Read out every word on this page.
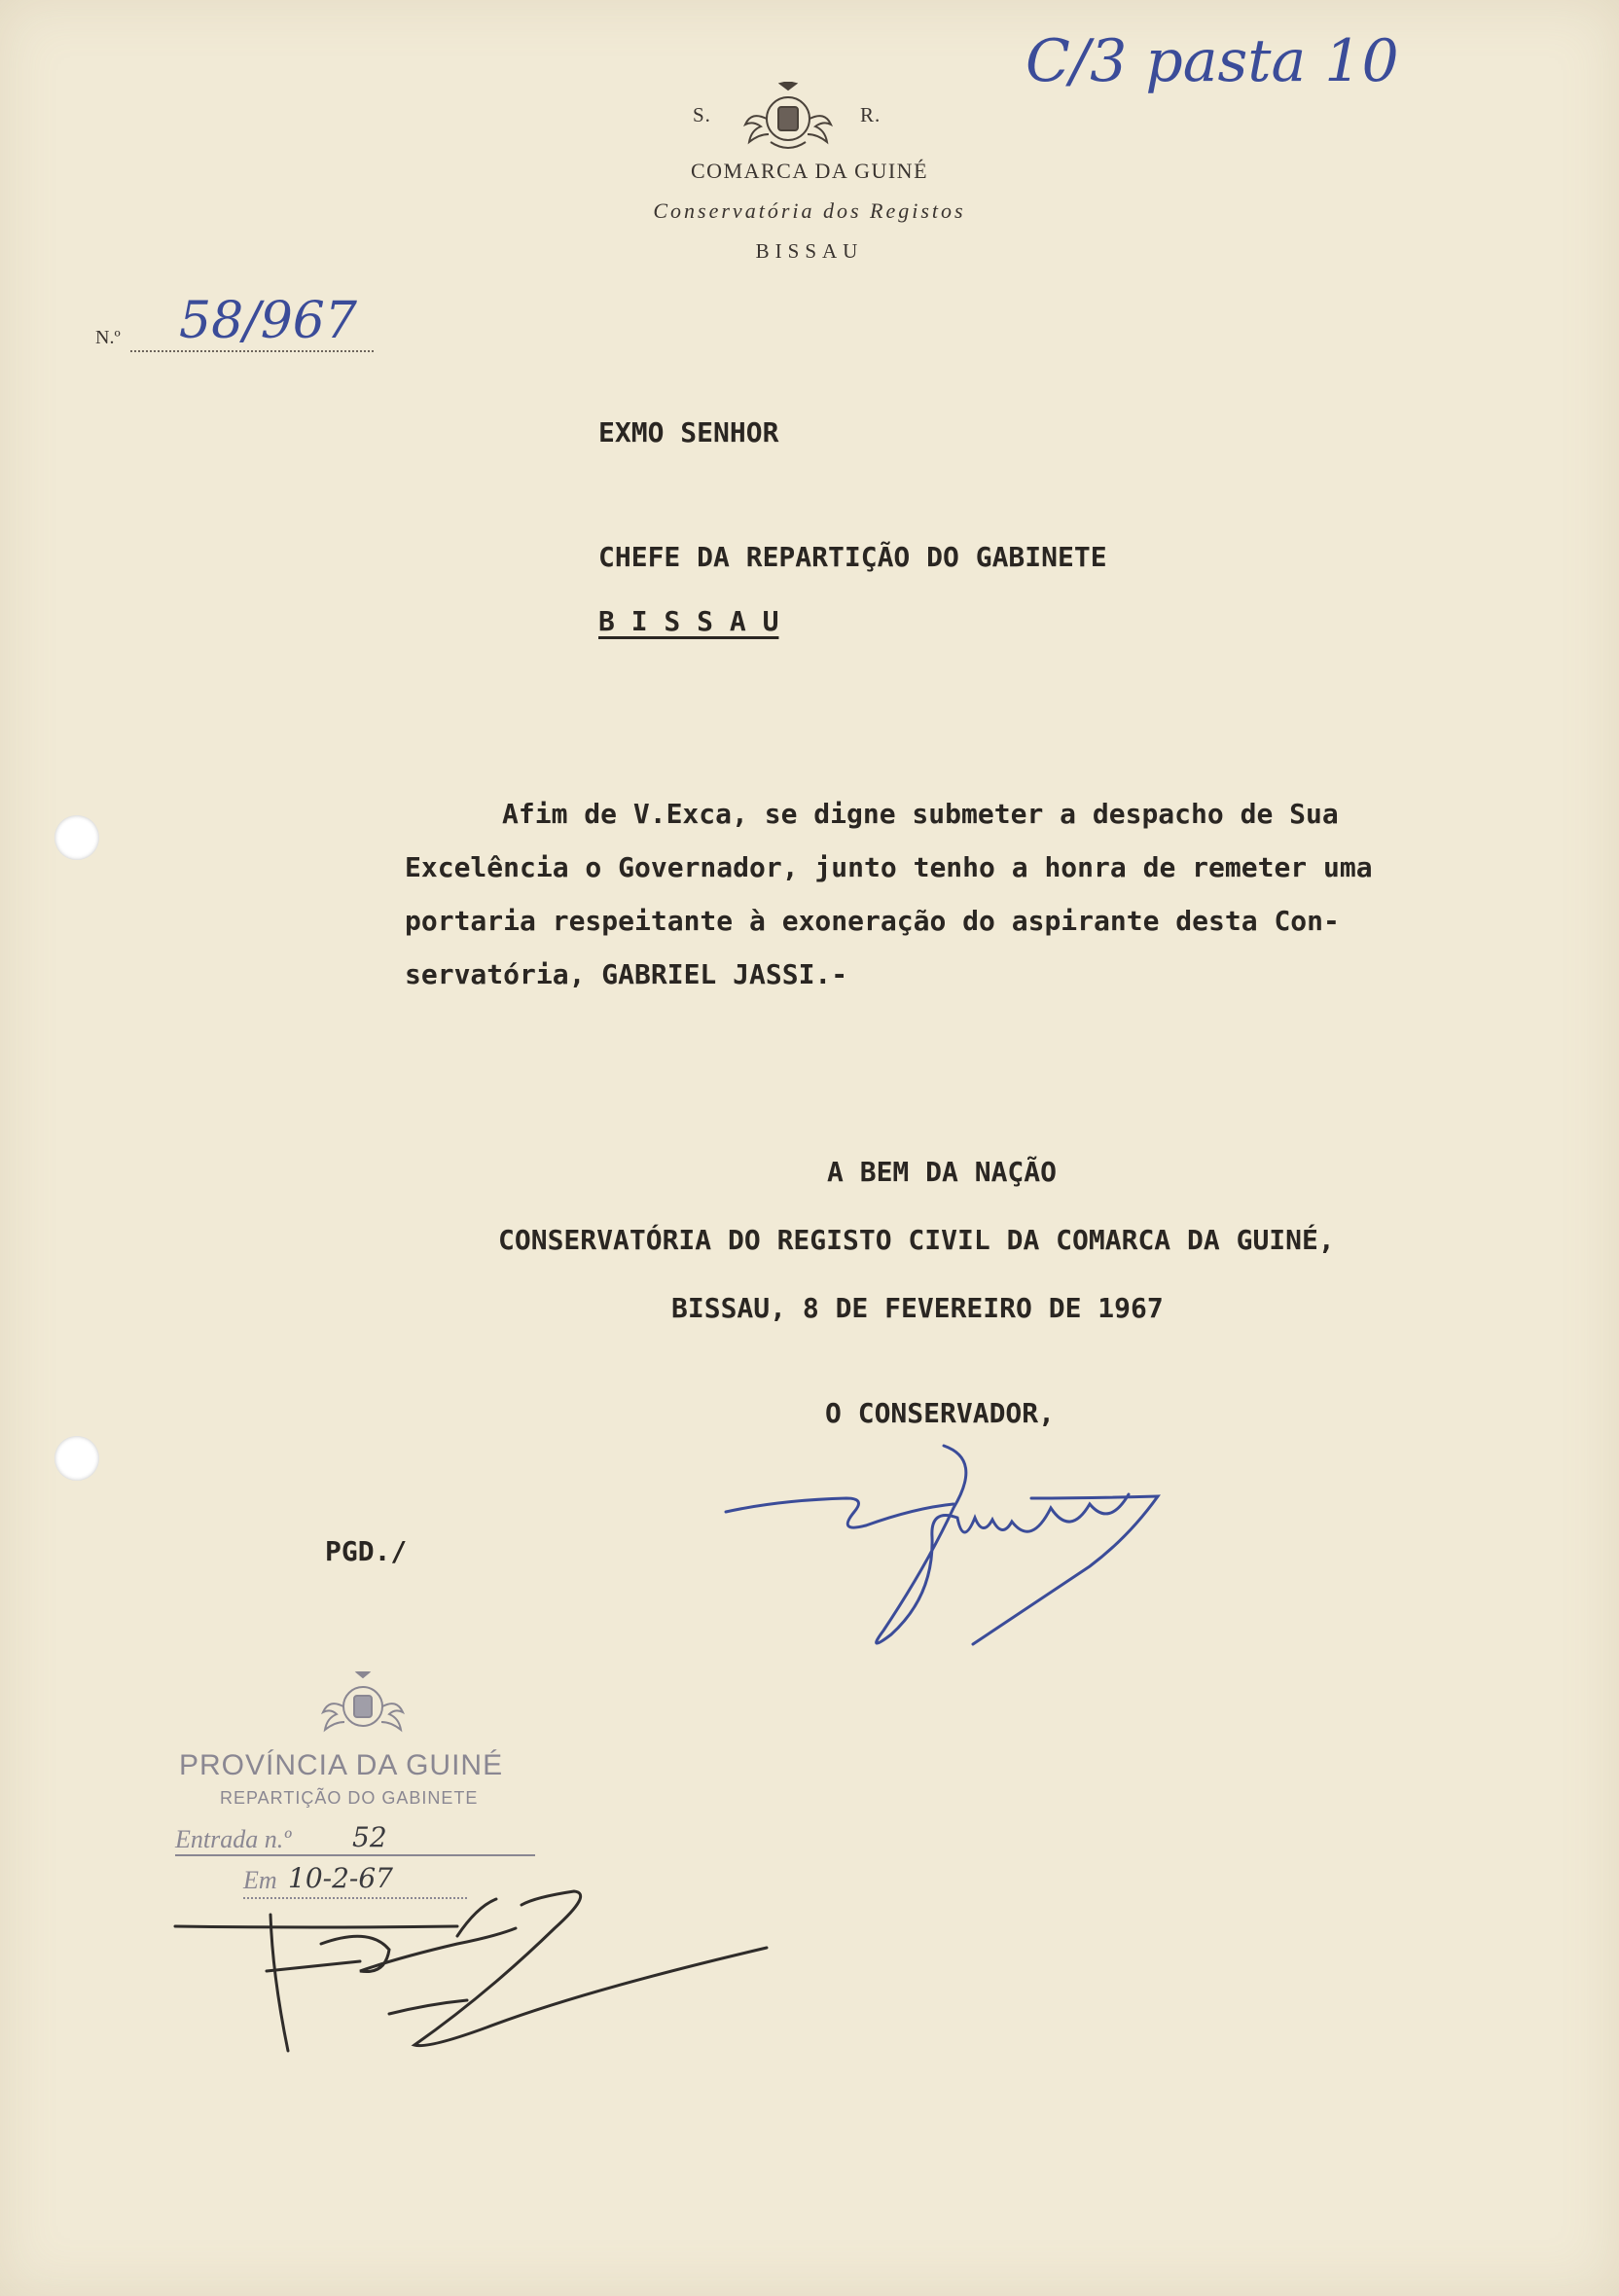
C/3 pasta 10
S.	R.
COMARCA DA GUINÉ
Conservatória dos Registos
BISSAU
N.º 58/967
EXMO SENHOR
CHEFE DA REPARTIÇÃO DO GABINETE
B I S S A U
Afim de V.Exca, se digne submeter a despacho de Sua
Excelência o Governador, junto tenho a honra de remeter uma
portaria respeitante à exoneração do aspirante desta Con-
servatória, GABRIEL JASSI.-
A BEM DA NAÇÃO
CONSERVATÓRIA DO REGISTO CIVIL DA COMARCA DA GUINÉ,
BISSAU, 8 DE FEVEREIRO DE 1967
O CONSERVADOR,
PGD./
PROVÍNCIA DA GUINÉ
REPARTIÇÃO DO GABINETE
Entrada n.º 52
Em 10-2-67
